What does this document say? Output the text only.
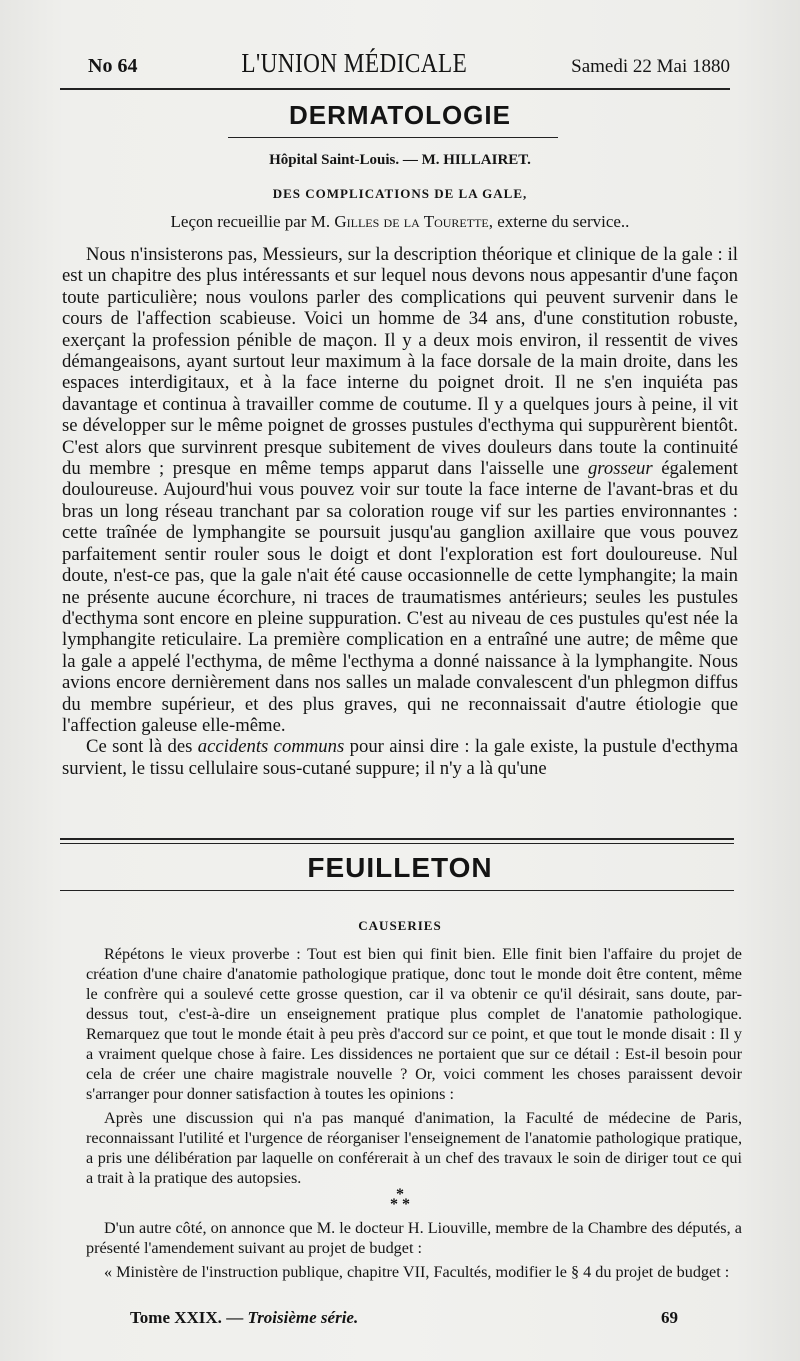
No 64	L'UNION MÉDICALE	Samedi 22 Mai 1880
DERMATOLOGIE
Hôpital Saint-Louis. — M. HILLAIRET.
DES COMPLICATIONS DE LA GALE,
Leçon recueillie par M. Gilles de la Tourette, externe du service..

Nous n'insisterons pas, Messieurs, sur la description théorique et clinique de la gale : il est un chapitre des plus intéressants et sur lequel nous devons nous appesantir d'une façon toute particulière; nous voulons parler des complications qui peuvent survenir dans le cours de l'affection scabieuse. Voici un homme de 34 ans, d'une constitution robuste, exerçant la profession pénible de maçon. Il y a deux mois environ, il ressentit de vives démangeaisons, ayant surtout leur maximum à la face dorsale de la main droite, dans les espaces interdigitaux, et à la face interne du poignet droit. Il ne s'en inquiéta pas davantage et continua à travailler comme de coutume. Il y a quelques jours à peine, il vit se développer sur le même poignet de grosses pustules d'ecthyma qui suppurèrent bientôt. C'est alors que survinrent presque subitement de vives douleurs dans toute la continuité du membre ; presque en même temps apparut dans l'aisselle une grosseur également douloureuse. Aujourd'hui vous pouvez voir sur toute la face interne de l'avant-bras et du bras un long réseau tranchant par sa coloration rouge vif sur les parties environnantes : cette traînée de lymphangite se poursuit jusqu'au ganglion axillaire que vous pouvez parfaitement sentir rouler sous le doigt et dont l'exploration est fort douloureuse. Nul doute, n'est-ce pas, que la gale n'ait été cause occasionnelle de cette lymphangite; la main ne présente aucune écorchure, ni traces de traumatismes antérieurs; seules les pustules d'ecthyma sont encore en pleine suppuration. C'est au niveau de ces pustules qu'est née la lymphangite reticulaire. La première complication en a entraîné une autre; de même que la gale a appelé l'ecthyma, de même l'ecthyma a donné naissance à la lymphangite. Nous avions encore dernièrement dans nos salles un malade convalescent d'un phlegmon diffus du membre supérieur, et des plus graves, qui ne reconnaissait d'autre étiologie que l'affection galeuse elle-même.

Ce sont là des accidents communs pour ainsi dire : la gale existe, la pustule d'ecthyma survient, le tissu cellulaire sous-cutané suppure; il n'y a là qu'une

FEUILLETON
CAUSERIES

Répétons le vieux proverbe : Tout est bien qui finit bien. Elle finit bien l'affaire du projet de création d'une chaire d'anatomie pathologique pratique, donc tout le monde doit être content, même le confrère qui a soulevé cette grosse question, car il va obtenir ce qu'il désirait, sans doute, par-dessus tout, c'est-à-dire un enseignement pratique plus complet de l'anatomie pathologique. Remarquez que tout le monde était à peu près d'accord sur ce point, et que tout le monde disait : Il y a vraiment quelque chose à faire. Les dissidences ne portaient que sur ce détail : Est-il besoin pour cela de créer une chaire magistrale nouvelle ? Or, voici comment les choses paraissent devoir s'arranger pour donner satisfaction à toutes les opinions :

Après une discussion qui n'a pas manqué d'animation, la Faculté de médecine de Paris, reconnaissant l'utilité et l'urgence de réorganiser l'enseignement de l'anatomie pathologique pratique, a pris une délibération par laquelle on conférerait à un chef des travaux le soin de diriger tout ce qui a trait à la pratique des autopsies.

*
* *

D'un autre côté, on annonce que M. le docteur H. Liouville, membre de la Chambre des députés, a présenté l'amendement suivant au projet de budget :

« Ministère de l'instruction publique, chapitre VII, Facultés, modifier le § 4 du projet de budget :

Tome XXIX. — Troisième série.	69
